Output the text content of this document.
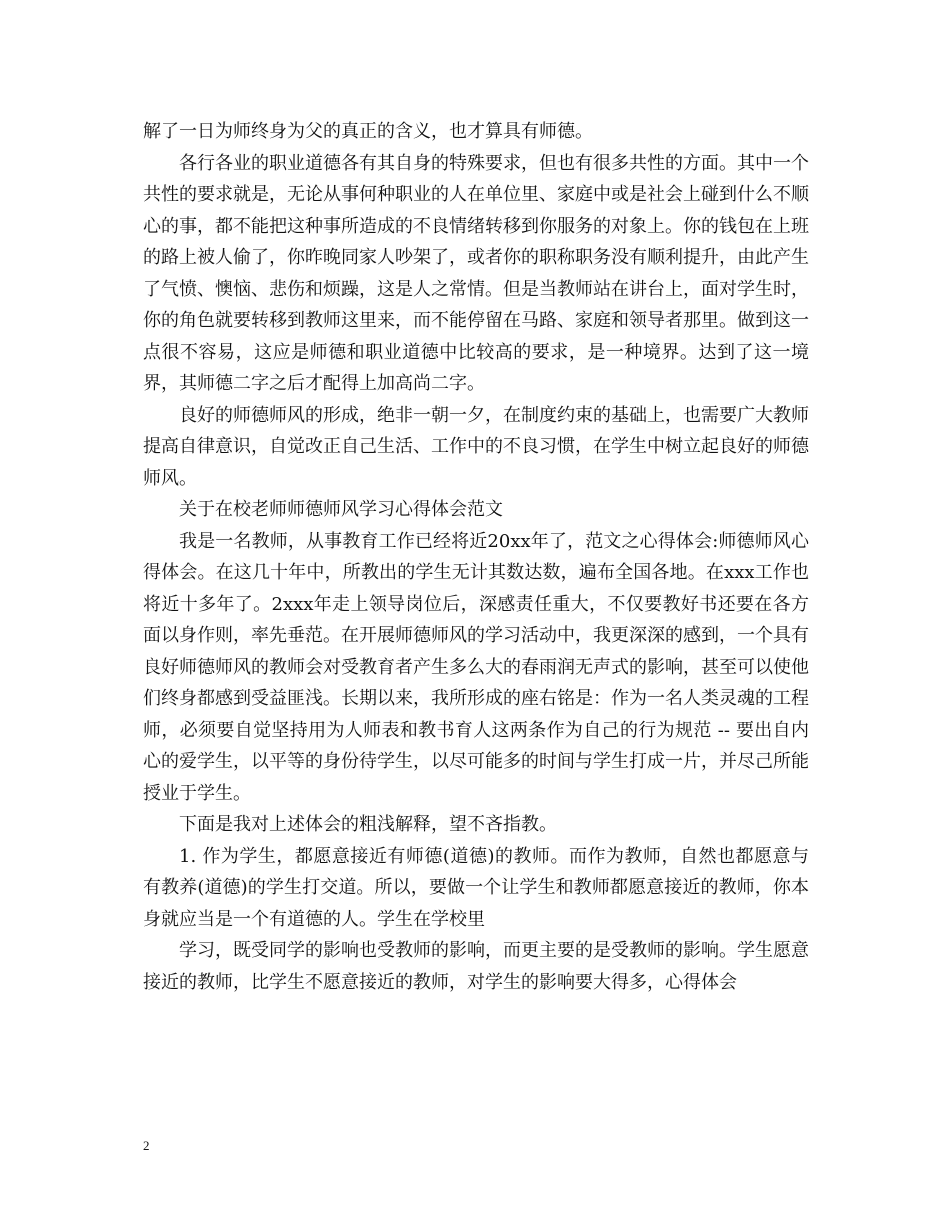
解了一日为师终身为父的真正的含义，也才算具有师德。

各行各业的职业道德各有其自身的特殊要求，但也有很多共性的方面。其中一个共性的要求就是，无论从事何种职业的人在单位里、家庭中或是社会上碰到什么不顺心的事，都不能把这种事所造成的不良情绪转移到你服务的对象上。你的钱包在上班的路上被人偷了，你昨晚同家人吵架了，或者你的职称职务没有顺利提升，由此产生了气愤、懊恼、悲伤和烦躁，这是人之常情。但是当教师站在讲台上，面对学生时，你的角色就要转移到教师这里来，而不能停留在马路、家庭和领导者那里。做到这一点很不容易，这应是师德和职业道德中比较高的要求，是一种境界。达到了这一境界，其师德二字之后才配得上加高尚二字。

良好的师德师风的形成，绝非一朝一夕，在制度约束的基础上，也需要广大教师提高自律意识，自觉改正自己生活、工作中的不良习惯，在学生中树立起良好的师德师风。

关于在校老师师德师风学习心得体会范文

我是一名教师，从事教育工作已经将近20xx年了，范文之心得体会:师德师风心得体会。在这几十年中，所教出的学生无计其数达数，遍布全国各地。在xxx工作也将近十多年了。2xxx年走上领导岗位后，深感责任重大，不仅要教好书还要在各方面以身作则，率先垂范。在开展师德师风的学习活动中，我更深深的感到，一个具有良好师德师风的教师会对受教育者产生多么大的春雨润无声式的影响，甚至可以使他们终身都感到受益匪浅。长期以来，我所形成的座右铭是：作为一名人类灵魂的工程师，必须要自觉坚持用为人师表和教书育人这两条作为自己的行为规范 -- 要出自内心的爱学生，以平等的身份待学生，以尽可能多的时间与学生打成一片，并尽己所能授业于学生。

下面是我对上述体会的粗浅解释，望不吝指教。

1. 作为学生，都愿意接近有师德(道德)的教师。而作为教师，自然也都愿意与有教养(道德)的学生打交道。所以，要做一个让学生和教师都愿意接近的教师，你本身就应当是一个有道德的人。学生在学校里

学习，既受同学的影响也受教师的影响，而更主要的是受教师的影响。学生愿意接近的教师，比学生不愿意接近的教师，对学生的影响要大得多，心得体会

2
